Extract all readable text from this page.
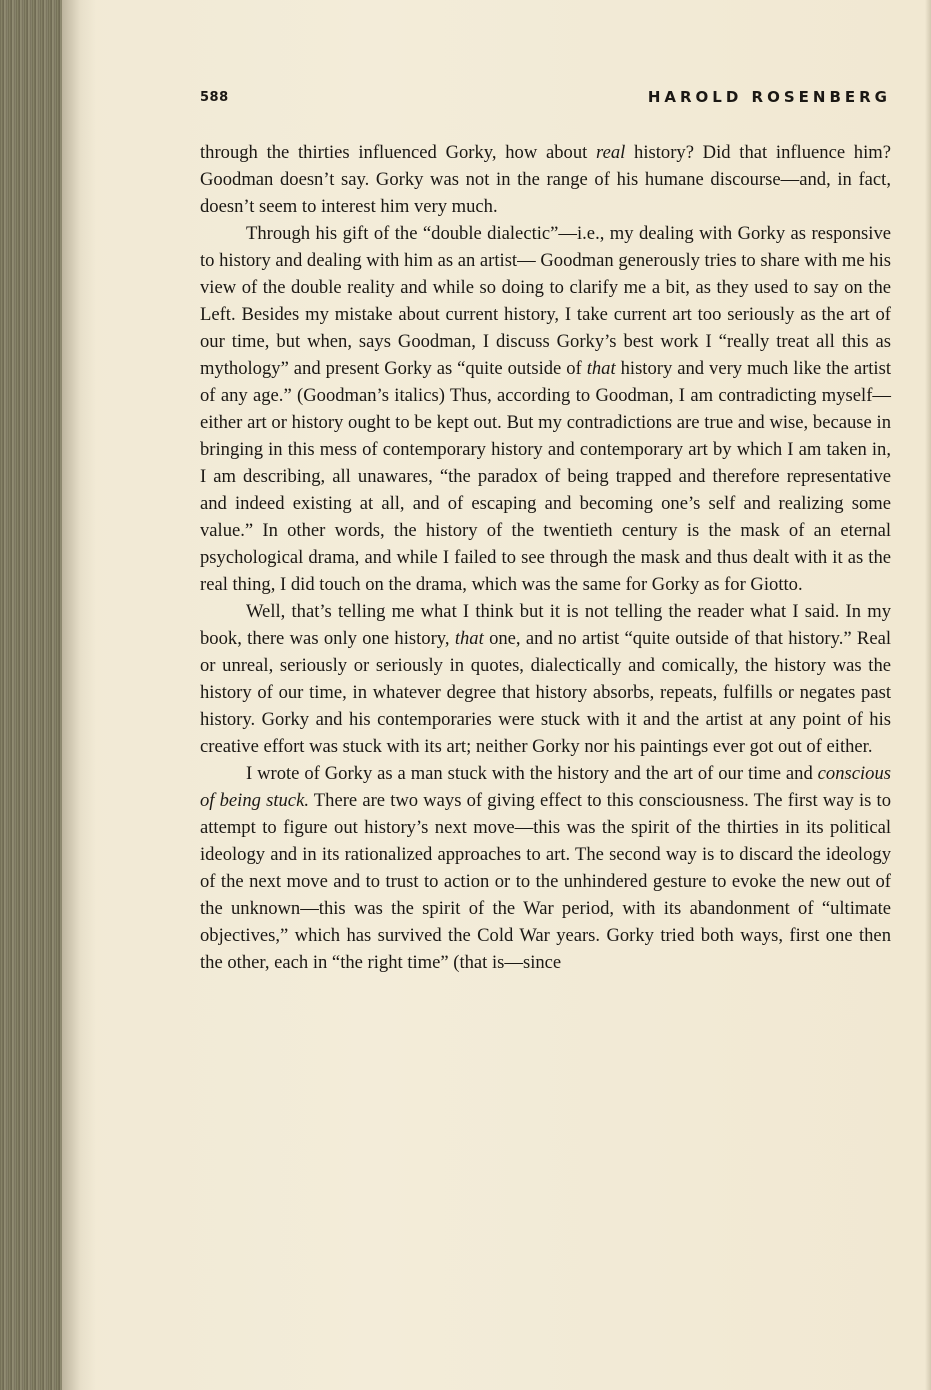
588	HAROLD ROSENBERG

through the thirties influenced Gorky, how about real history? Did that influence him? Goodman doesn’t say. Gorky was not in the range of his humane discourse—and, in fact, doesn’t seem to interest him very much.

Through his gift of the “double dialectic”—i.e., my dealing with Gorky as responsive to history and dealing with him as an artist— Goodman generously tries to share with me his view of the double reality and while so doing to clarify me a bit, as they used to say on the Left. Besides my mistake about current history, I take current art too seriously as the art of our time, but when, says Goodman, I discuss Gorky’s best work I “really treat all this as mythology” and present Gorky as “quite outside of that history and very much like the artist of any age.” (Goodman’s italics) Thus, according to Goodman, I am contradicting myself—either art or history ought to be kept out. But my contradictions are true and wise, because in bringing in this mess of contemporary history and contemporary art by which I am taken in, I am describing, all unawares, “the paradox of being trapped and therefore representative and indeed existing at all, and of escaping and becoming one’s self and realizing some value.” In other words, the history of the twentieth century is the mask of an eternal psychological drama, and while I failed to see through the mask and thus dealt with it as the real thing, I did touch on the drama, which was the same for Gorky as for Giotto.

Well, that’s telling me what I think but it is not telling the reader what I said. In my book, there was only one history, that one, and no artist “quite outside of that history.” Real or unreal, seriously or seriously in quotes, dialectically and comically, the history was the history of our time, in whatever degree that history absorbs, repeats, fulfills or negates past history. Gorky and his contemporaries were stuck with it and the artist at any point of his creative effort was stuck with its art; neither Gorky nor his paintings ever got out of either.

I wrote of Gorky as a man stuck with the history and the art of our time and conscious of being stuck. There are two ways of giving effect to this consciousness. The first way is to attempt to figure out history’s next move—this was the spirit of the thirties in its political ideology and in its rationalized approaches to art. The second way is to discard the ideology of the next move and to trust to action or to the unhindered gesture to evoke the new out of the unknown—this was the spirit of the War period, with its abandonment of “ultimate objectives,” which has survived the Cold War years. Gorky tried both ways, first one then the other, each in “the right time” (that is—since
